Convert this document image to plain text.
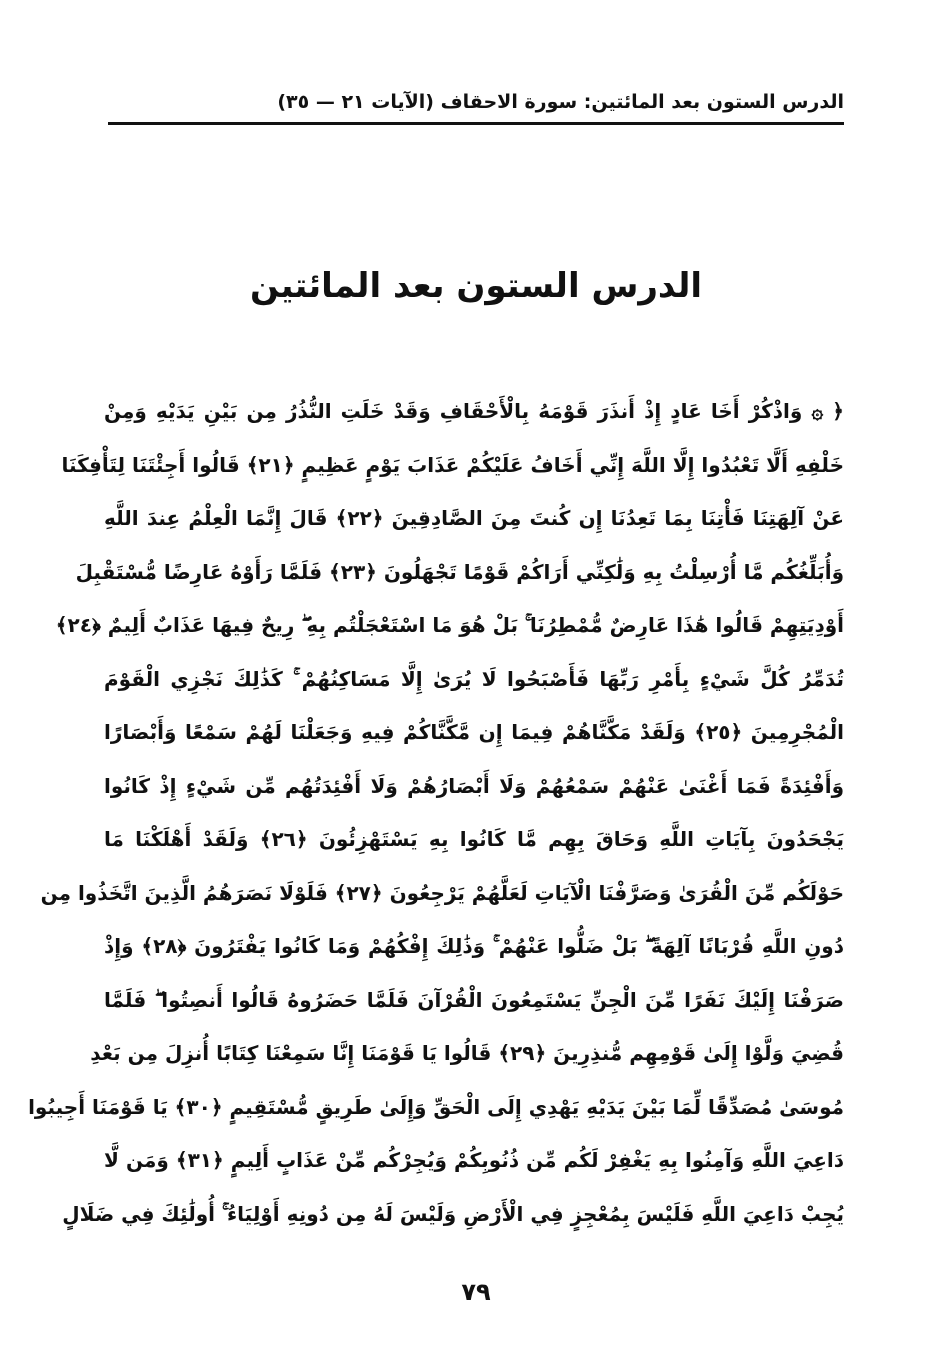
الدرس الستون بعد المائتين: سورة الاحقاف (الآيات ٢١ — ٣٥)
الدرس الستون بعد المائتين
﴿ ۞ وَاذْكُرْ أَخَا عَادٍ إِذْ أَنذَرَ قَوْمَهُ بِالْأَحْقَافِ وَقَدْ خَلَتِ النُّذُرُ مِن بَيْنِ يَدَيْهِ وَمِنْ
خَلْفِهِ أَلَّا تَعْبُدُوا إِلَّا اللَّهَ إِنِّي أَخَافُ عَلَيْكُمْ عَذَابَ يَوْمٍ عَظِيمٍ ﴿٢١﴾ قَالُوا أَجِئْتَنَا لِتَأْفِكَنَا
عَنْ آلِهَتِنَا فَأْتِنَا بِمَا تَعِدُنَا إِن كُنتَ مِنَ الصَّادِقِينَ ﴿٢٢﴾ قَالَ إِنَّمَا الْعِلْمُ عِندَ اللَّهِ
وَأُبَلِّغُكُم مَّا أُرْسِلْتُ بِهِ وَلَٰكِنِّي أَرَاكُمْ قَوْمًا تَجْهَلُونَ ﴿٢٣﴾ فَلَمَّا رَأَوْهُ عَارِضًا مُّسْتَقْبِلَ
أَوْدِيَتِهِمْ قَالُوا هَٰذَا عَارِضٌ مُّمْطِرُنَا ۚ بَلْ هُوَ مَا اسْتَعْجَلْتُم بِهِ ۖ رِيحٌ فِيهَا عَذَابٌ أَلِيمٌ ﴿٢٤﴾
تُدَمِّرُ كُلَّ شَيْءٍ بِأَمْرِ رَبِّهَا فَأَصْبَحُوا لَا يُرَىٰ إِلَّا مَسَاكِنُهُمْ ۚ كَذَٰلِكَ نَجْزِي الْقَوْمَ
الْمُجْرِمِينَ ﴿٢٥﴾ وَلَقَدْ مَكَّنَّاهُمْ فِيمَا إِن مَّكَّنَّاكُمْ فِيهِ وَجَعَلْنَا لَهُمْ سَمْعًا وَأَبْصَارًا
وَأَفْئِدَةً فَمَا أَغْنَىٰ عَنْهُمْ سَمْعُهُمْ وَلَا أَبْصَارُهُمْ وَلَا أَفْئِدَتُهُم مِّن شَيْءٍ إِذْ كَانُوا
يَجْحَدُونَ بِآيَاتِ اللَّهِ وَحَاقَ بِهِم مَّا كَانُوا بِهِ يَسْتَهْزِئُونَ ﴿٢٦﴾ وَلَقَدْ أَهْلَكْنَا مَا
حَوْلَكُم مِّنَ الْقُرَىٰ وَصَرَّفْنَا الْآيَاتِ لَعَلَّهُمْ يَرْجِعُونَ ﴿٢٧﴾ فَلَوْلَا نَصَرَهُمُ الَّذِينَ اتَّخَذُوا مِن
دُونِ اللَّهِ قُرْبَانًا آلِهَةً ۖ بَلْ ضَلُّوا عَنْهُمْ ۚ وَذَٰلِكَ إِفْكُهُمْ وَمَا كَانُوا يَفْتَرُونَ ﴿٢٨﴾ وَإِذْ
صَرَفْنَا إِلَيْكَ نَفَرًا مِّنَ الْجِنِّ يَسْتَمِعُونَ الْقُرْآنَ فَلَمَّا حَضَرُوهُ قَالُوا أَنصِتُوا ۖ فَلَمَّا
قُضِيَ وَلَّوْا إِلَىٰ قَوْمِهِم مُّنذِرِينَ ﴿٢٩﴾ قَالُوا يَا قَوْمَنَا إِنَّا سَمِعْنَا كِتَابًا أُنزِلَ مِن بَعْدِ
مُوسَىٰ مُصَدِّقًا لِّمَا بَيْنَ يَدَيْهِ يَهْدِي إِلَى الْحَقِّ وَإِلَىٰ طَرِيقٍ مُّسْتَقِيمٍ ﴿٣٠﴾ يَا قَوْمَنَا أَجِيبُوا
دَاعِيَ اللَّهِ وَآمِنُوا بِهِ يَغْفِرْ لَكُم مِّن ذُنُوبِكُمْ وَيُجِرْكُم مِّنْ عَذَابٍ أَلِيمٍ ﴿٣١﴾ وَمَن لَّا
يُجِبْ دَاعِيَ اللَّهِ فَلَيْسَ بِمُعْجِزٍ فِي الْأَرْضِ وَلَيْسَ لَهُ مِن دُونِهِ أَوْلِيَاءُ ۚ أُولَٰئِكَ فِي ضَلَالٍ
٧٩
